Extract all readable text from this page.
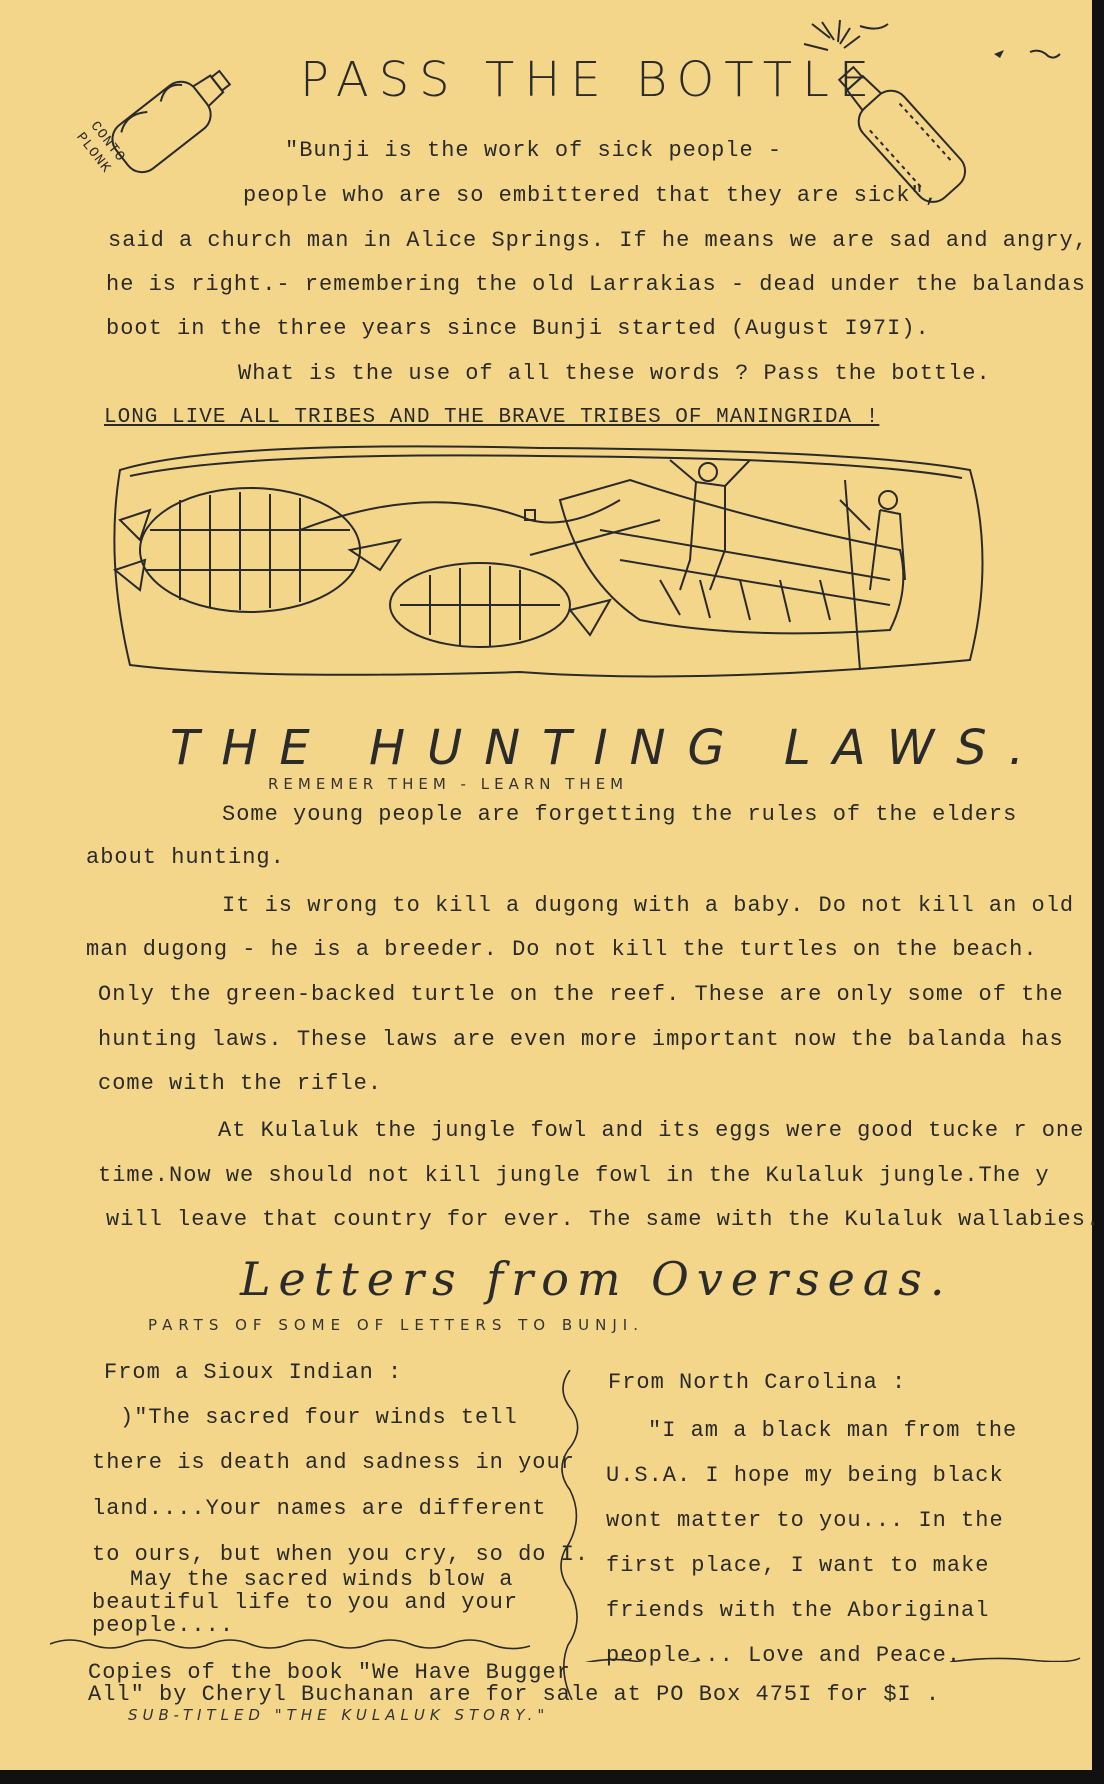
CONTO PLONK
PASS THE BOTTLE
"Bunji is the work of sick people -
people who are so embittered that they are sick",
said a church man in Alice Springs. If he means we are sad and angry,
he is right.- remembering the old Larrakias - dead under the balandas
boot in the three years since Bunji started (August I97I).
What is the use of all these words ? Pass the bottle.
LONG LIVE ALL TRIBES AND THE BRAVE TRIBES OF MANINGRIDA !
THE HUNTING LAWS.
REMEMER THEM - LEARN THEM
Some young people are forgetting the rules of the elders
about hunting.
It is wrong to kill a dugong with a baby. Do not kill an old
man dugong - he is a breeder. Do not kill the turtles on the beach.
Only the green-backed turtle on the reef. These are only some of the
hunting laws. These laws are even more important now the balanda has
come with the rifle.
At Kulaluk the jungle fowl and its eggs were good tucke r one
time.Now we should not kill jungle fowl in the Kulaluk jungle.The y
will leave that country for ever. The same with the Kulaluk wallabies.
Letters from Overseas.
PARTS OF SOME OF LETTERS TO BUNJI.
From a Sioux Indian :
)"The sacred four winds tell
there is death and sadness in your
land....Your names are different
to ours, but when you cry, so do I.
May the sacred winds blow a
beautiful life to you and your
people....
From North Carolina :
"I am a black man from the
U.S.A. I hope my being black
wont matter to you... In the
first place, I want to make
friends with the Aboriginal
people... Love and Peace.
Copies of the book "We Have Bugger
All" by Cheryl Buchanan are for sale at PO Box 475I for $I .
SUB-TITLED "THE KULALUK STORY."
